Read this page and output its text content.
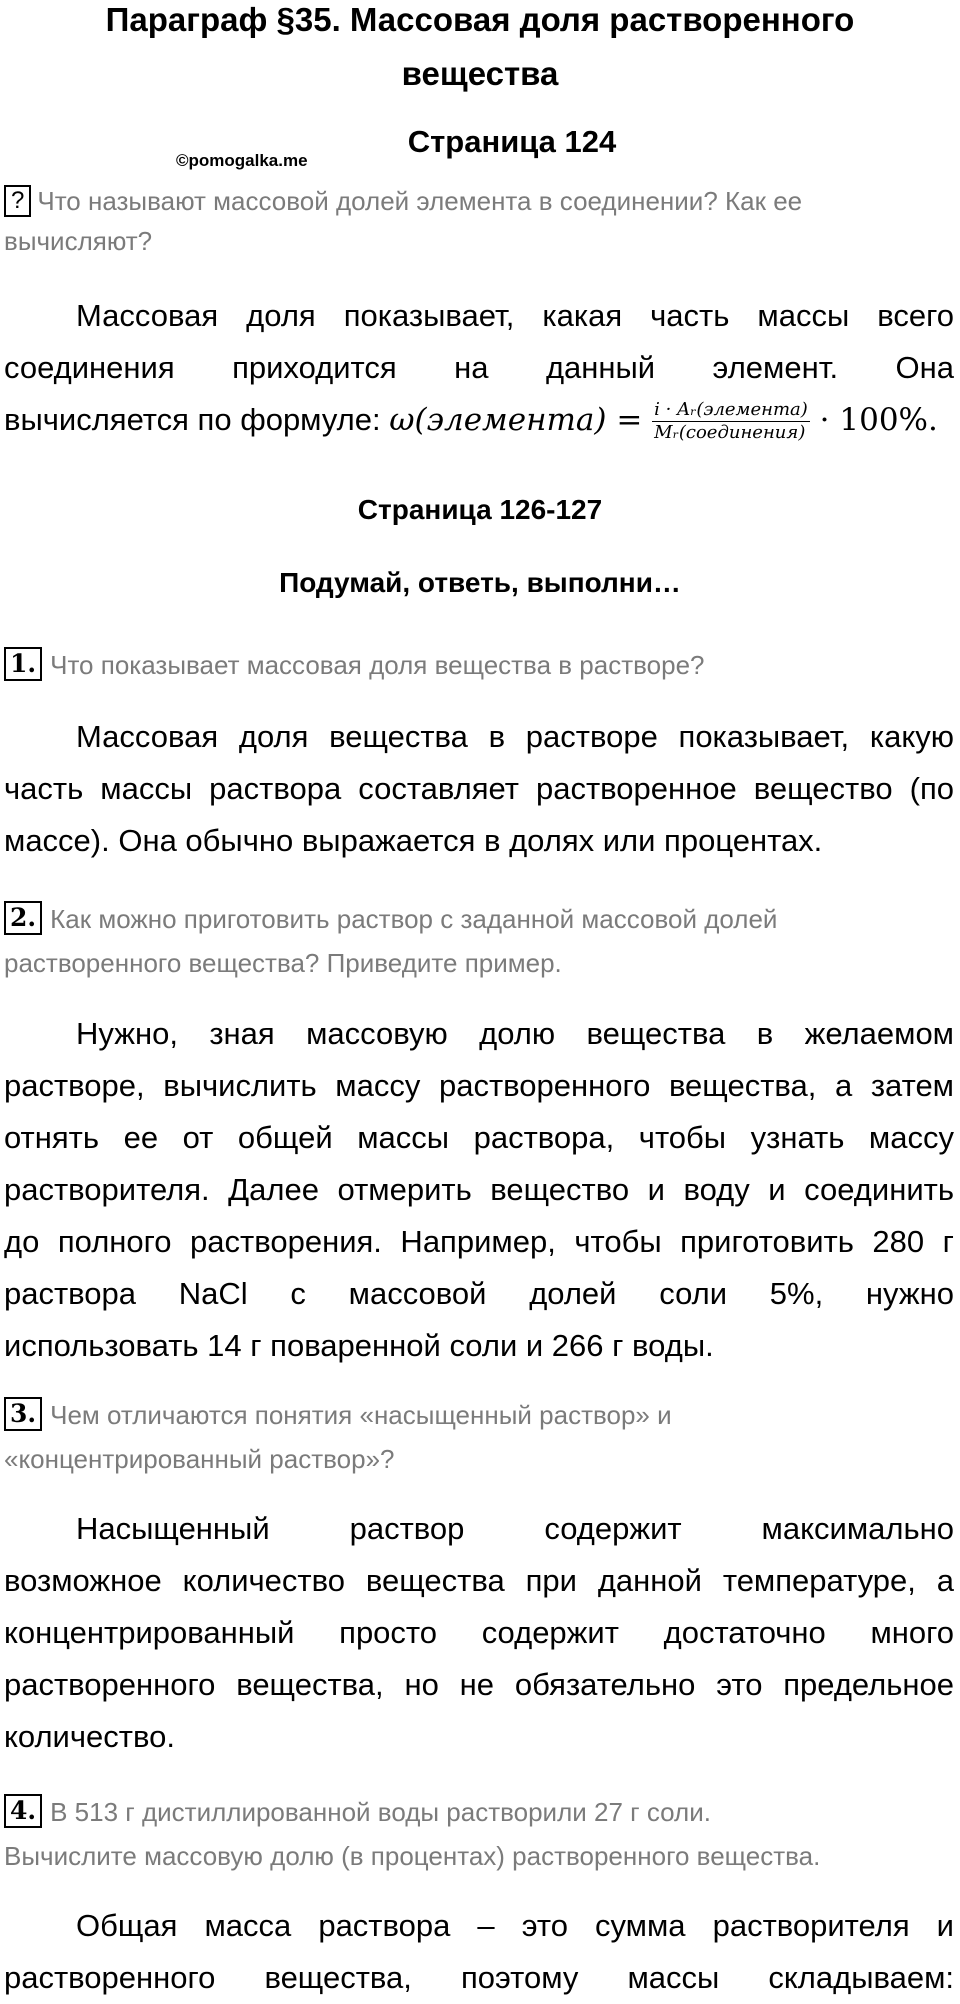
Параграф §35. Массовая доля растворенного
вещества
©pomogalka.me
Страница 124
? Что называют массовой долей элемента в соединении? Как ее вычисляют?
Массовая доля показывает, какая часть массы всего
соединения приходится на данный элемент. Она
вычисляется по формуле: ω(элемента) = $\frac{\text{i · Aᵣ(элемента)}}{\text{Mᵣ(соединения)}} \cdot 100\%$.
Страница 126-127
Подумай, ответь, выполни…
1. Что показывает массовая доля вещества в растворе?
Массовая доля вещества в растворе показывает, какую
часть массы раствора составляет растворенное вещество (по
массе). Она обычно выражается в долях или процентах.
2. Как можно приготовить раствор с заданной массовой долей
растворенного вещества? Приведите пример.
Нужно, зная массовую долю вещества в желаемом
растворе, вычислить массу растворенного вещества, а затем
отнять ее от общей массы раствора, чтобы узнать массу
растворителя. Далее отмерить вещество и воду и соединить
до полного растворения. Например, чтобы приготовить 280 г
раствора NaCl с массовой долей соли 5%, нужно
использовать 14 г поваренной соли и 266 г воды.
3. Чем отличаются понятия «насыщенный раствор» и
«концентрированный раствор»?
Насыщенный раствор содержит максимально
возможное количество вещества при данной температуре, а
концентрированный просто содержит достаточно много
растворенного вещества, но не обязательно это предельное
количество.
4. В 513 г дистиллированной воды растворили 27 г соли.
Вычислите массовую долю (в процентах) растворенного вещества.
Общая масса раствора – это сумма растворителя и
растворенного вещества, поэтому массы складываем:
